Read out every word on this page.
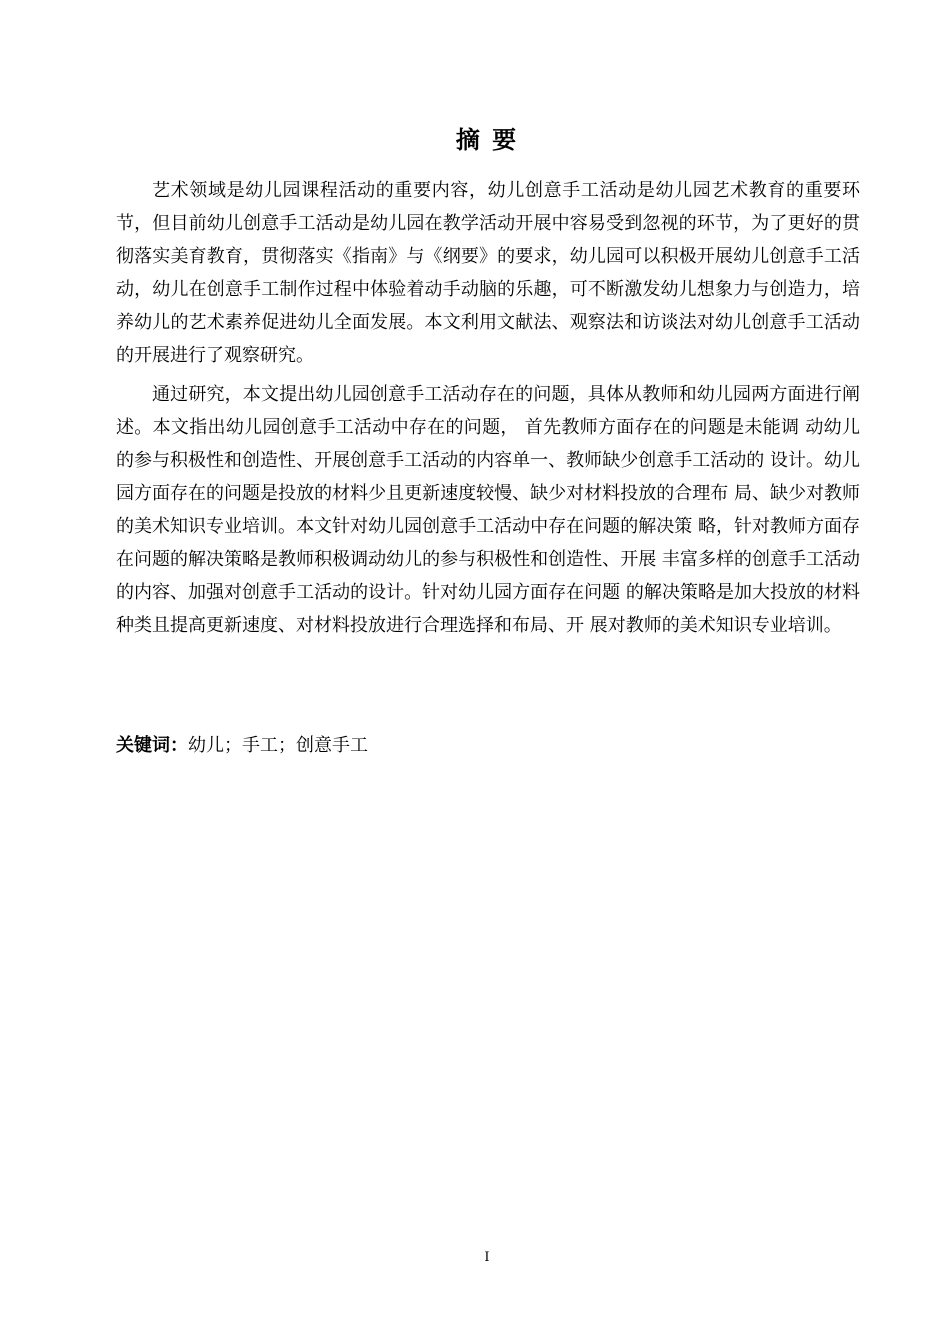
摘 要

艺术领域是幼儿园课程活动的重要内容，幼儿创意手工活动是幼儿园艺术教育的重要环节，但目前幼儿创意手工活动是幼儿园在教学活动开展中容易受到忽视的环节，为了更好的贯彻落实美育教育，贯彻落实《指南》与《纲要》的要求，幼儿园可以积极开展幼儿创意手工活动，幼儿在创意手工制作过程中体验着动手动脑的乐趣，可不断激发幼儿想象力与创造力，培养幼儿的艺术素养促进幼儿全面发展。本文利用文献法、观察法和访谈法对幼儿创意手工活动的开展进行了观察研究。

通过研究，本文提出幼儿园创意手工活动存在的问题，具体从教师和幼儿园两方面进行阐述。本文指出幼儿园创意手工活动中存在的问题， 首先教师方面存在的问题是未能调 动幼儿的参与积极性和创造性、开展创意手工活动的内容单一、教师缺少创意手工活动的 设计。幼儿园方面存在的问题是投放的材料少且更新速度较慢、缺少对材料投放的合理布 局、缺少对教师的美术知识专业培训。本文针对幼儿园创意手工活动中存在问题的解决策 略，针对教师方面存在问题的解决策略是教师积极调动幼儿的参与积极性和创造性、开展 丰富多样的创意手工活动的内容、加强对创意手工活动的设计。针对幼儿园方面存在问题 的解决策略是加大投放的材料种类且提高更新速度、对材料投放进行合理选择和布局、开 展对教师的美术知识专业培训。

关键词：幼儿；手工；创意手工
I
